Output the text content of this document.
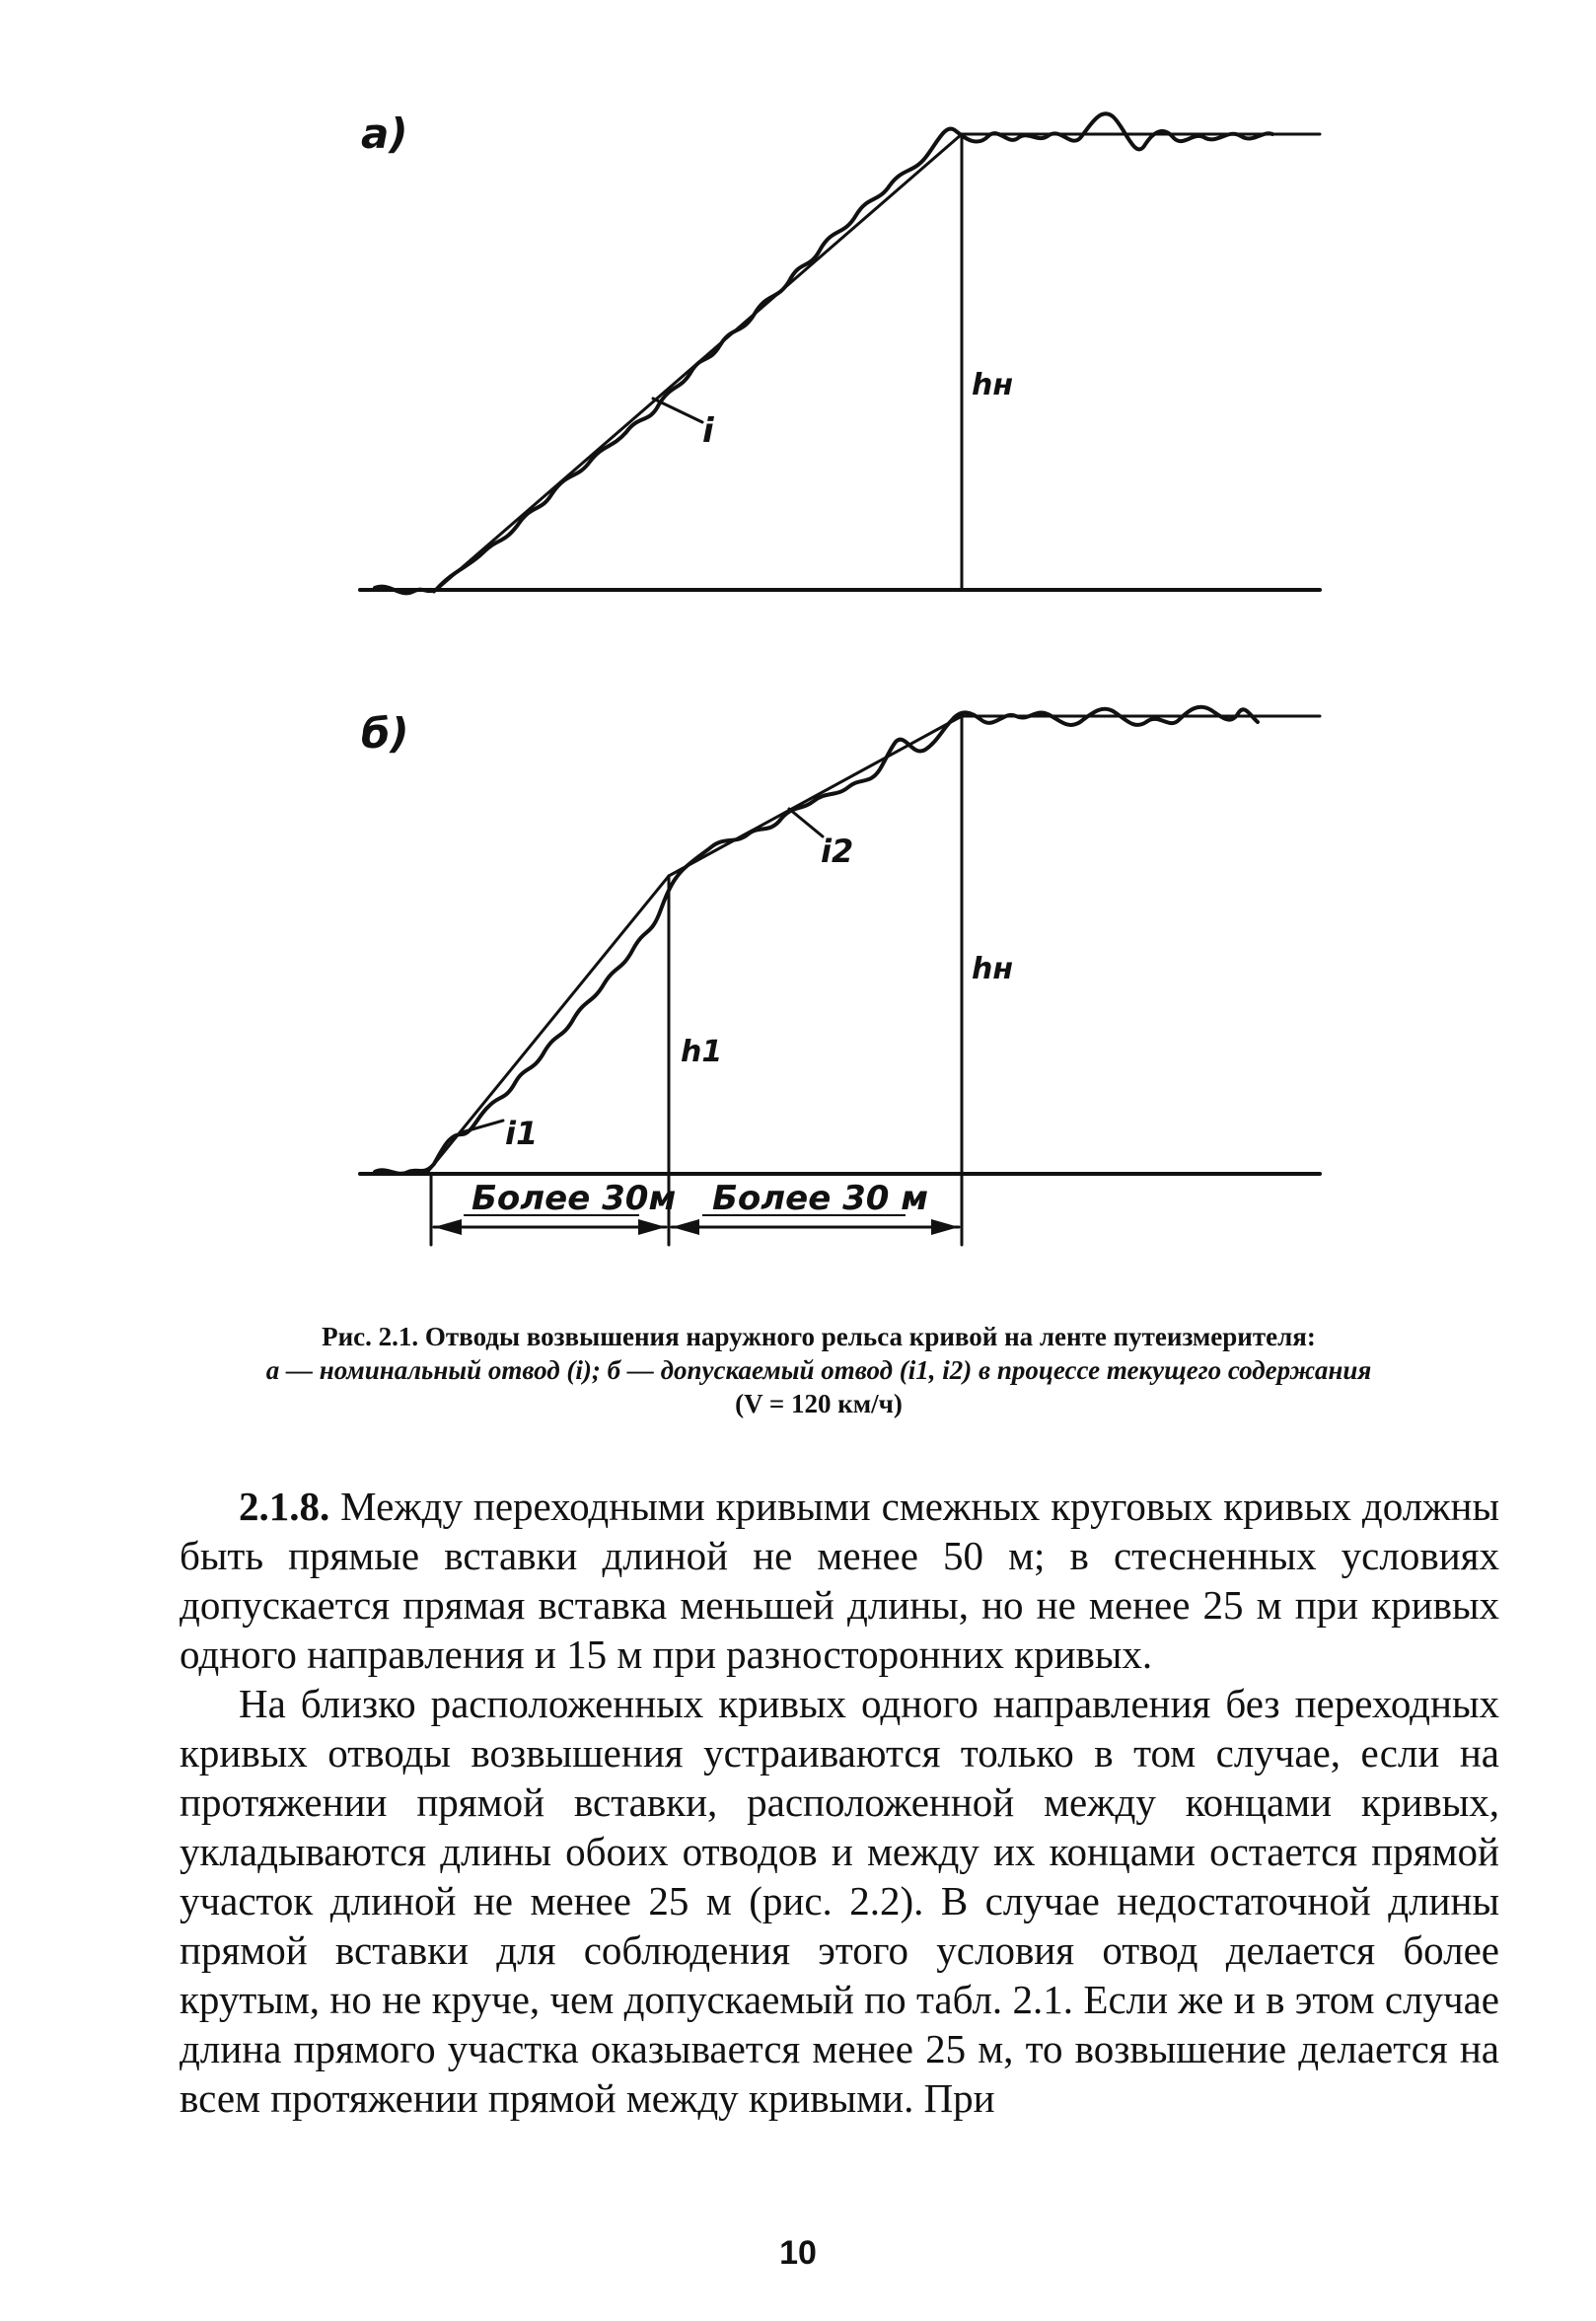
а)
i
hн
б)
i2
hн
h1
i1
Более 30м Более 30 м
Рис. 2.1. Отводы возвышения наружного рельса кривой на ленте путеизмерителя:
а — номинальный отвод (i); б — допускаемый отвод (i1, i2) в процессе текущего содержания
(V = 120 км/ч)

2.1.8. Между переходными кривыми смежных круговых кривых должны быть прямые вставки длиной не менее 50 м; в стесненных условиях допускается прямая вставка меньшей длины, но не менее 25 м при кривых одного направления и 15 м при разносторонних кривых.

На близко расположенных кривых одного направления без переходных кривых отводы возвышения устраиваются только в том случае, если на протяжении прямой вставки, расположенной между концами кривых, укладываются длины обоих отводов и между их концами остается прямой участок длиной не менее 25 м (рис. 2.2). В случае недостаточной длины прямой вставки для соблюдения этого условия отвод делается более крутым, но не круче, чем допускаемый по табл. 2.1. Если же и в этом случае длина прямого участка оказывается менее 25 м, то возвышение делается на всем протяжении прямой между кривыми. При

10
